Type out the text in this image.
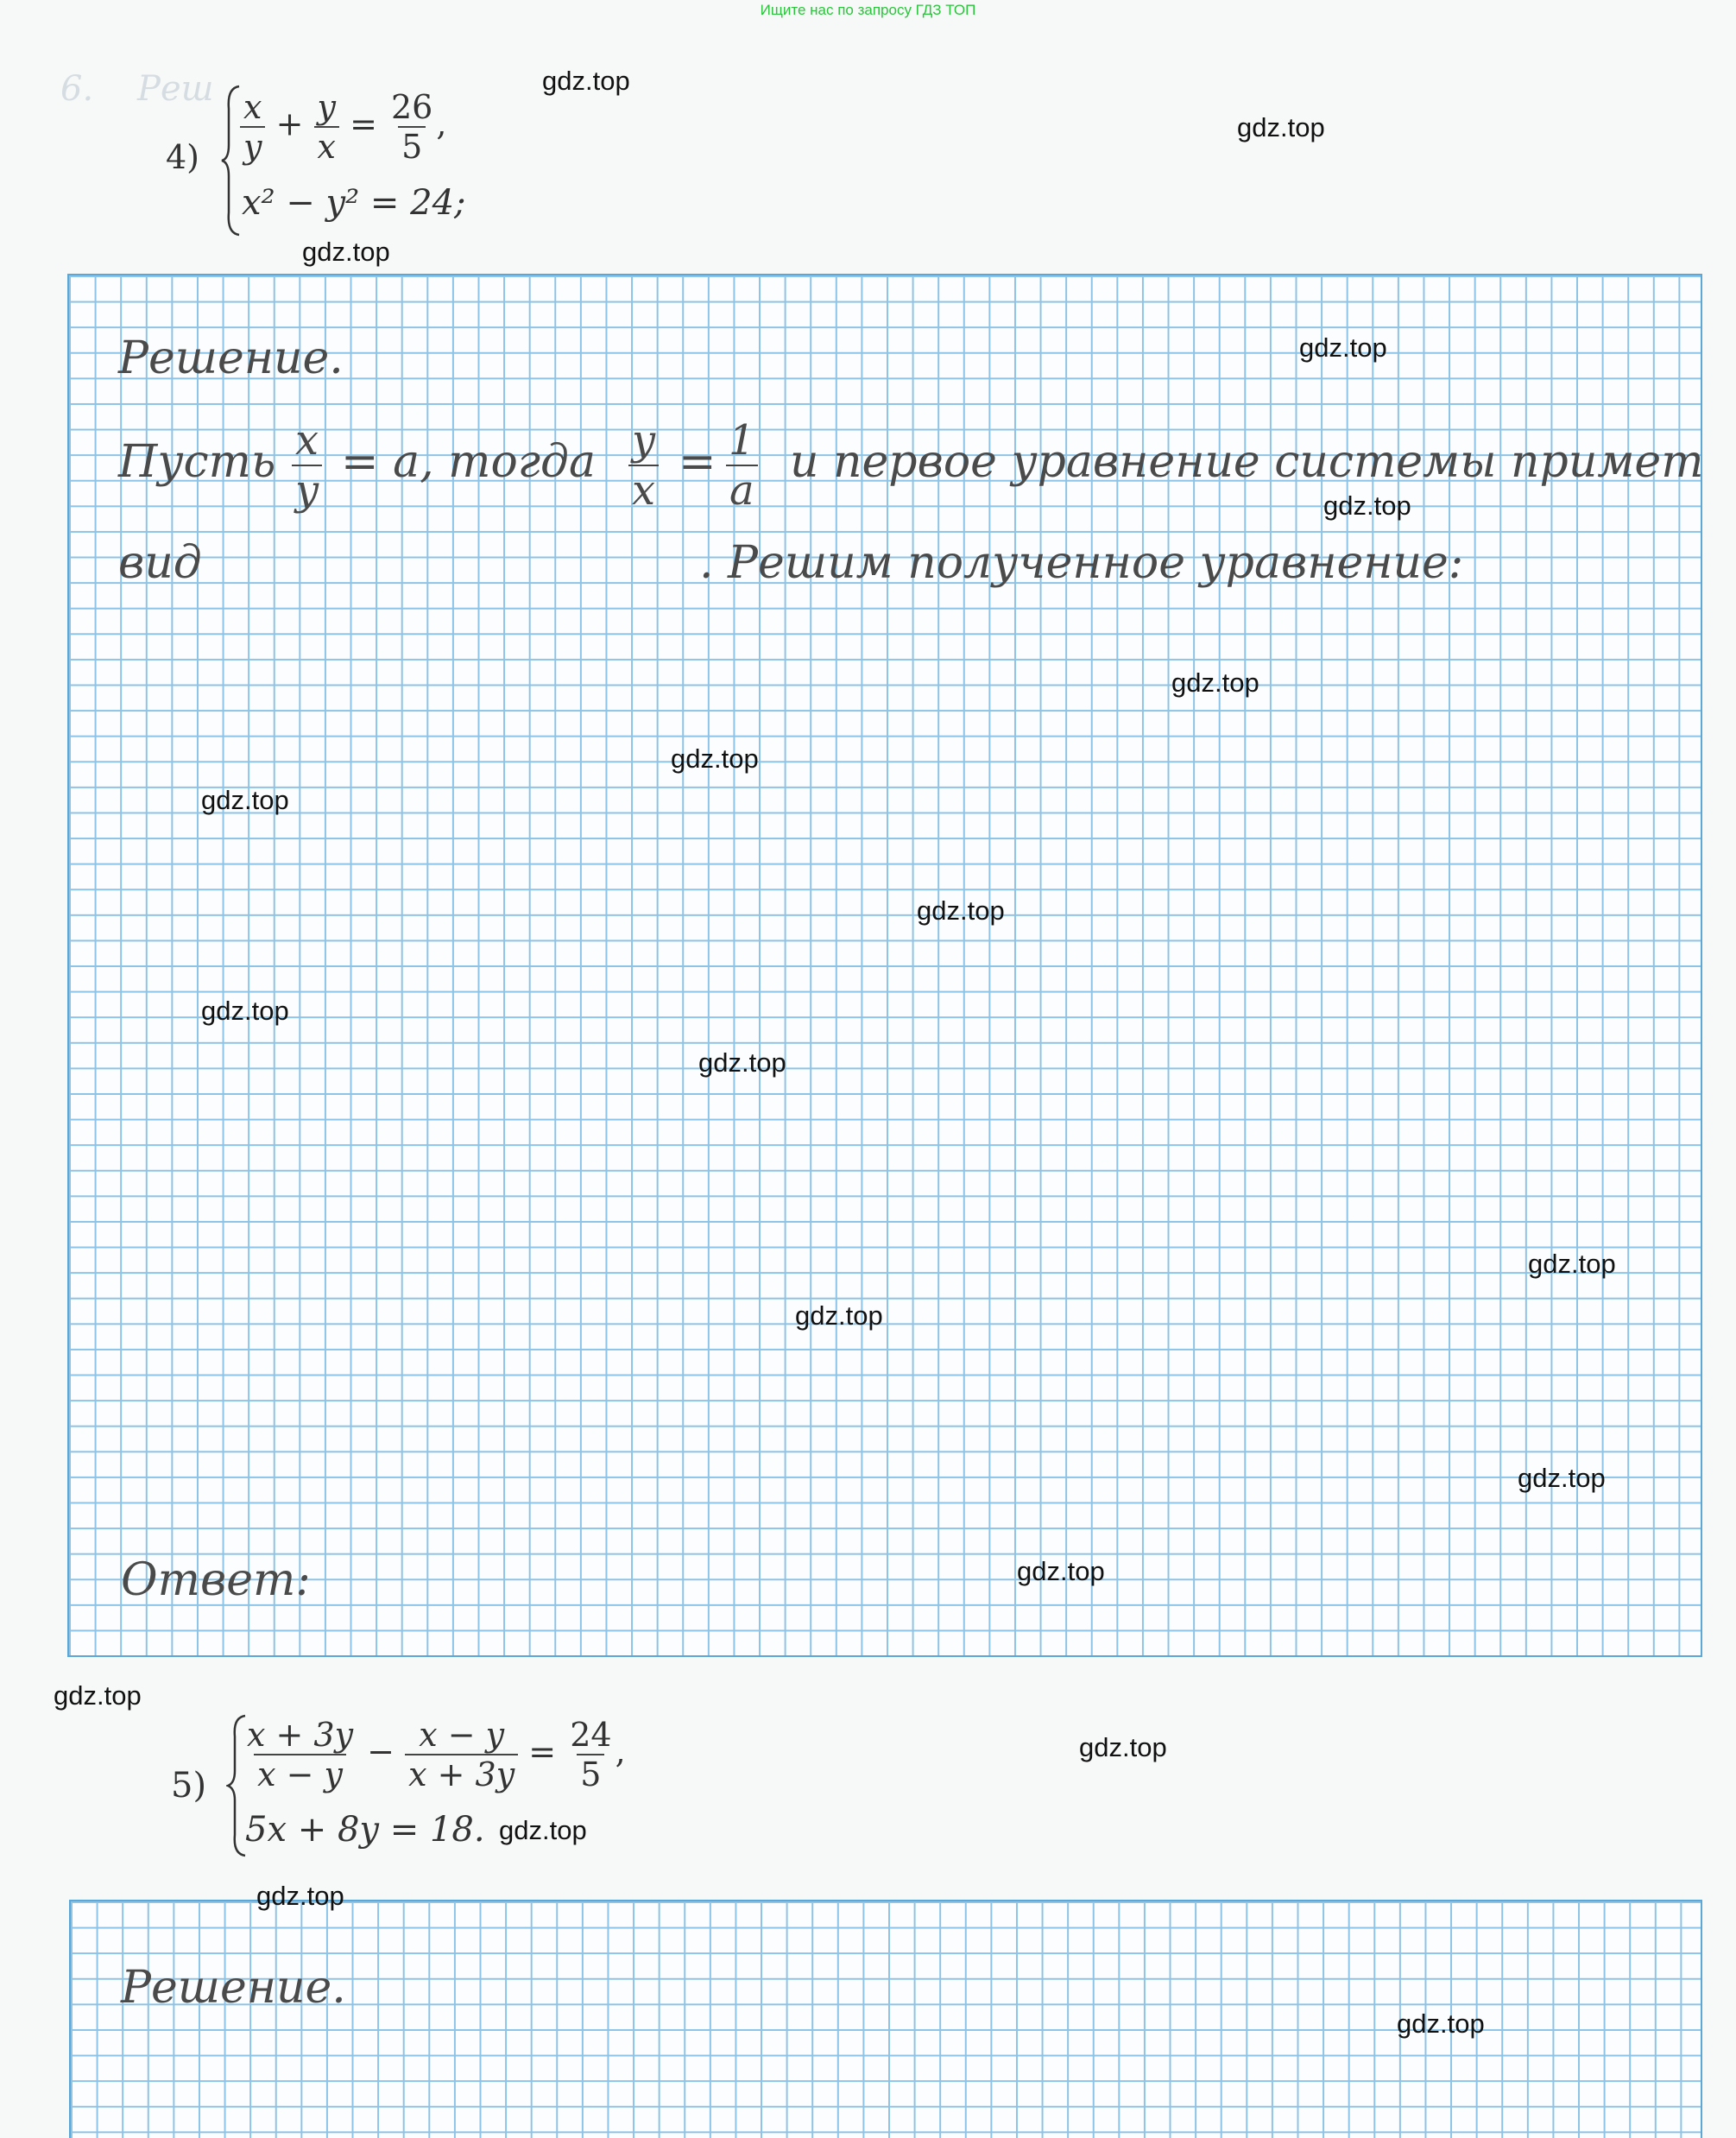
Ищите нас по запросу ГДЗ ТОП
6.    Реш
$4) \frac{x}{y} + \frac{y}{x} = \frac{26}{5}$ ,
x² − y² = 24;
Решение.
Пусть $\frac{x}{y} = a$, тогда $\frac{y}{x} = \frac{1}{a}$ и первое уравнение системы примет
вид	. Решим полученное уравнение:
Ответ:
$5) \frac{x + 3y}{x - y} - \frac{x - y}{x + 3y} = \frac{24}{5}$ ,
5x + 8y = 18.
Решение.
gdz.top
gdz.top
gdz.top
gdz.top
gdz.top
gdz.top
gdz.top
gdz.top
gdz.top
gdz.top
gdz.top
gdz.top
gdz.top
gdz.top
gdz.top
gdz.top
gdz.top
gdz.top
gdz.top
gdz.top
